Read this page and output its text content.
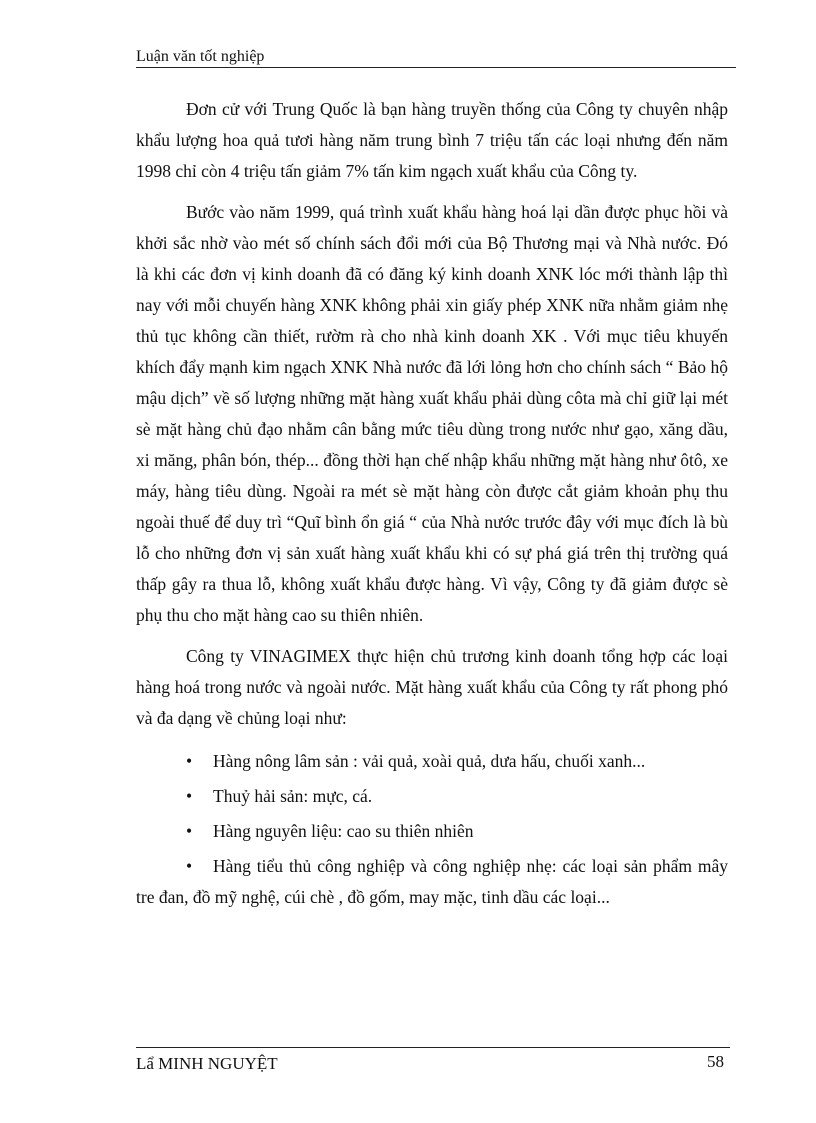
Luận văn tốt nghiệp

Đơn cử với Trung Quốc là bạn hàng truyền thống của Công ty chuyên nhập khẩu lượng hoa quả tươi hàng năm trung bình 7 triệu tấn các loại nhưng đến năm 1998 chỉ còn 4 triệu tấn giảm 7% tấn kim ngạch xuất khẩu của Công ty.

Bước vào năm 1999, quá trình xuất khẩu hàng hoá lại dần được phục hồi và khởi sắc nhờ vào mét số chính sách đổi mới của Bộ Thương mại và Nhà nước. Đó là khi các đơn vị kinh doanh đã có đăng ký kinh doanh XNK lóc mới thành lập thì nay với mỗi chuyến hàng XNK không phải xin giấy phép XNK nữa nhằm giảm nhẹ thủ tục không cần thiết, rườm rà cho nhà kinh doanh XK . Với mục tiêu khuyến khích đẩy mạnh kim ngạch XNK Nhà nước đã lới lỏng hơn cho chính sách “ Bảo hộ mậu dịch” về số lượng những mặt hàng xuất khẩu phải dùng côta mà chỉ giữ lại mét sè mặt hàng chủ đạo nhằm cân bằng mức tiêu dùng trong nước như gạo, xăng dầu, xi măng, phân bón, thép... đồng thời hạn chế nhập khẩu những mặt hàng như ôtô, xe máy, hàng tiêu dùng. Ngoài ra mét sè mặt hàng còn được cắt giảm khoản phụ thu ngoài thuế để duy trì “Quĩ bình ổn giá “ của Nhà nước trước đây với mục đích là bù lỗ cho những đơn vị sản xuất hàng xuất khẩu khi có sự phá giá trên thị trường quá thấp gây ra thua lỗ, không xuất khẩu được hàng. Vì vậy, Công ty đã giảm được sè phụ thu cho mặt hàng cao su thiên nhiên.

Công ty VINAGIMEX thực hiện chủ trương kinh doanh tổng hợp các loại hàng hoá trong nước và ngoài nước. Mặt hàng xuất khẩu của Công ty rất phong phó và đa dạng về chủng loại như:

• Hàng nông lâm sản : vải quả, xoài quả, dưa hấu, chuối xanh...
• Thuỷ hải sản: mực, cá.
• Hàng nguyên liệu: cao su thiên nhiên
• Hàng tiểu thủ công nghiệp và công nghiệp nhẹ: các loại sản phẩm mây tre đan, đồ mỹ nghệ, cúi chè , đồ gốm, may mặc, tinh dầu các loại...
Lẩ MINH NGUYỆT	58
